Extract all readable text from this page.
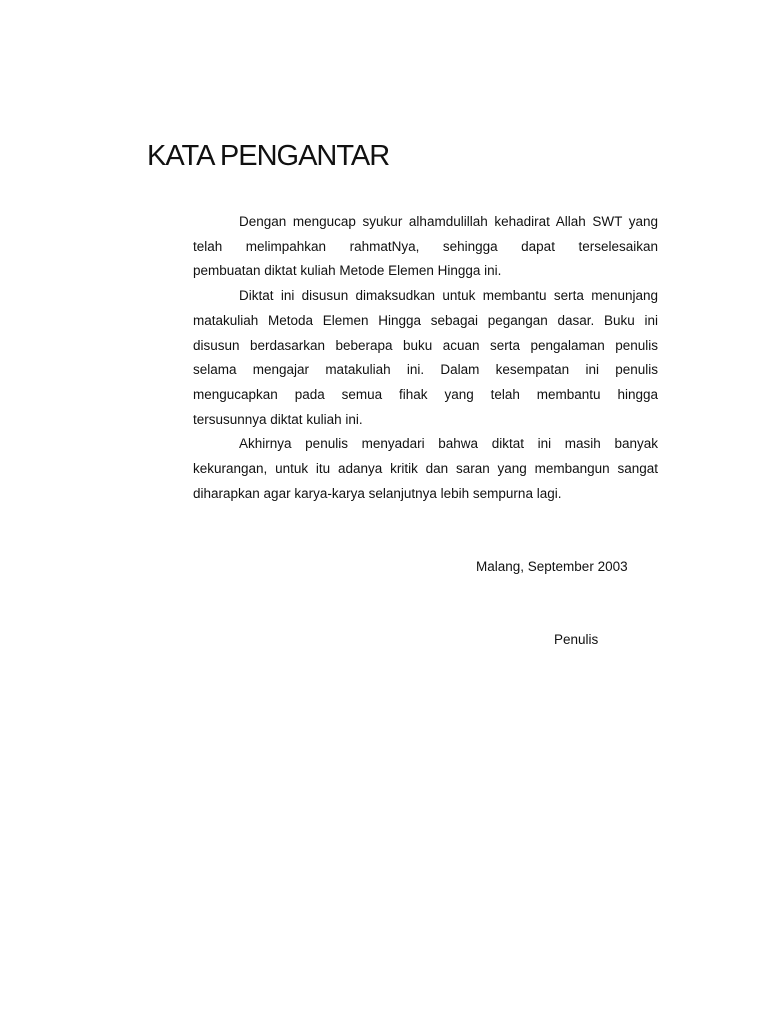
KATA PENGANTAR
Dengan mengucap syukur alhamdulillah kehadirat Allah SWT yang
telah melimpahkan rahmatNya, sehingga dapat terselesaikan
pembuatan diktat kuliah Metode Elemen Hingga ini.
Diktat ini disusun dimaksudkan untuk membantu serta menunjang
matakuliah Metoda Elemen Hingga sebagai pegangan dasar. Buku ini
disusun berdasarkan beberapa buku acuan serta pengalaman penulis
selama mengajar matakuliah ini. Dalam kesempatan ini penulis
mengucapkan pada semua fihak yang telah membantu hingga
tersusunnya diktat kuliah ini.
Akhirnya penulis menyadari bahwa diktat ini masih banyak
kekurangan, untuk itu adanya kritik dan saran yang membangun sangat
diharapkan agar karya-karya selanjutnya lebih sempurna lagi.
Malang, September 2003
Penulis
